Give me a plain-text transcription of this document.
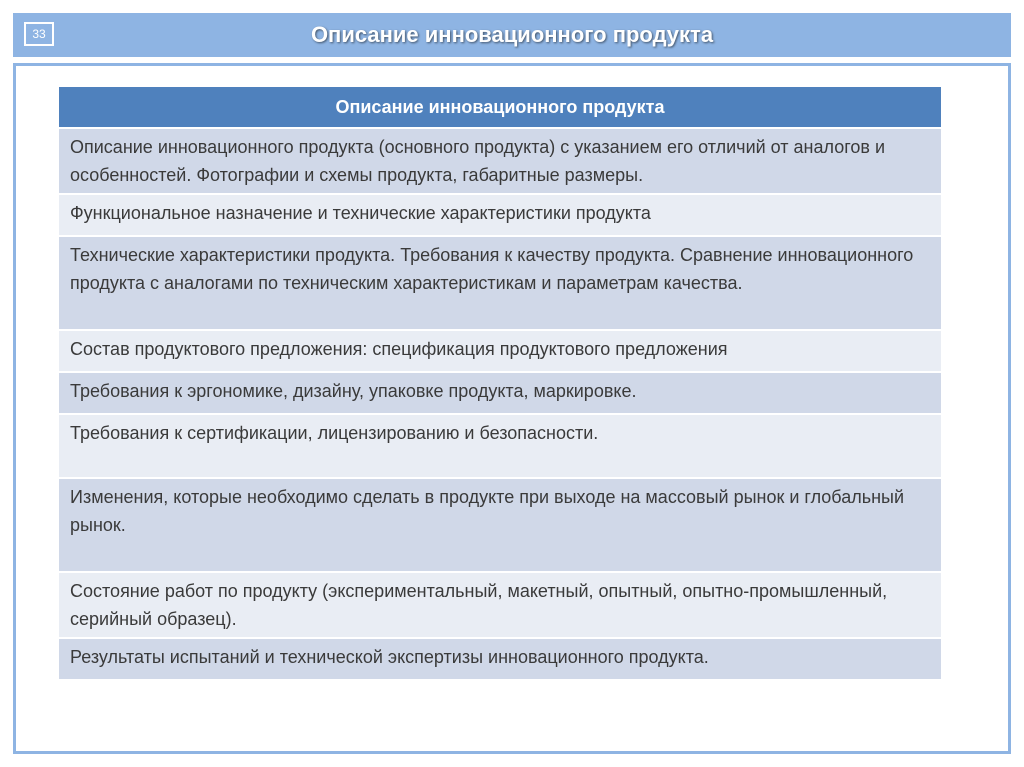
33	Описание инновационного продукта
Описание инновационного продукта
Описание инновационного продукта (основного продукта) с указанием его отличий от аналогов и особенностей. Фотографии и схемы продукта, габаритные размеры.
Функциональное назначение и технические характеристики продукта
Технические характеристики продукта. Требования к качеству продукта. Сравнение инновационного продукта с аналогами по техническим характеристикам и параметрам качества.
Состав продуктового предложения: спецификация продуктового предложения
Требования к эргономике, дизайну, упаковке продукта, маркировке.
Требования к сертификации, лицензированию и безопасности.
Изменения, которые необходимо сделать в продукте при выходе на массовый рынок и глобальный рынок.
Состояние работ по продукту (экспериментальный, макетный, опытный, опытно-промышленный, серийный образец).
Результаты испытаний и технической экспертизы инновационного продукта.
